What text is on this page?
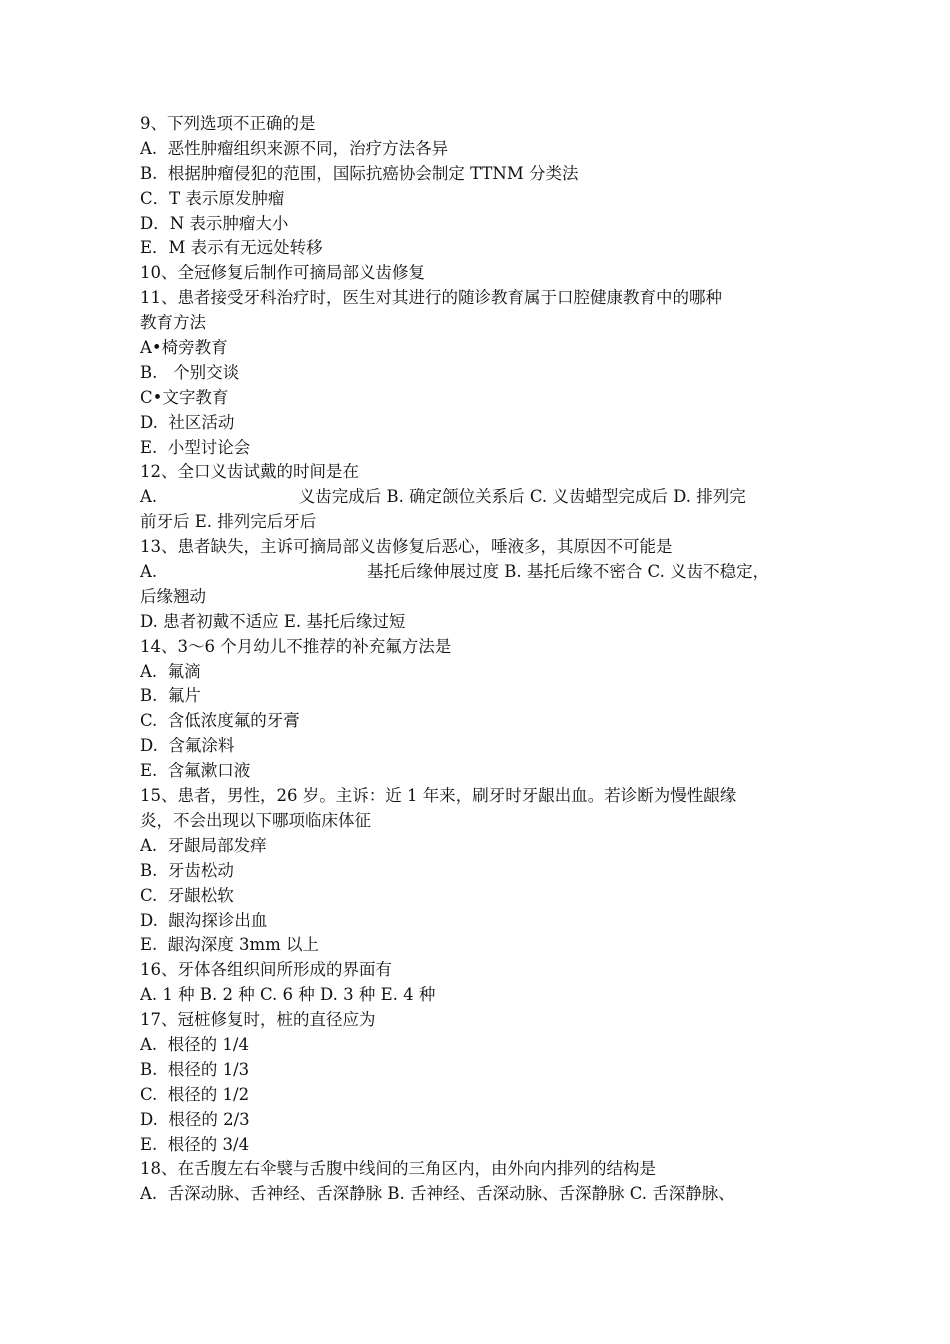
9、下列选项不正确的是
A.  恶性肿瘤组织来源不同，治疗方法各异
B.  根据肿瘤侵犯的范围，国际抗癌协会制定 TTNM 分类法
C．T 表示原发肿瘤
D．N 表示肿瘤大小
E．M 表示有无远处转移
10、全冠修复后制作可摘局部义齿修复
11、患者接受牙科治疗时，医生对其进行的随诊教育属于口腔健康教育中的哪种
教育方法
A•椅旁教育
B.   个别交谈
C•文字教育
D.  社区活动
E.  小型讨论会
12、全口义齿试戴的时间是在
A.                           义齿完成后 B. 确定颌位关系后 C. 义齿蜡型完成后 D. 排列完
前牙后 E. 排列完后牙后
13、患者缺失，主诉可摘局部义齿修复后恶心，唾液多，其原因不可能是
A.                                        基托后缘伸展过度 B. 基托后缘不密合 C. 义齿不稳定，
后缘翘动
D. 患者初戴不适应 E. 基托后缘过短
14、3〜6 个月幼儿不推荐的补充氟方法是
A.  氟滴
B.  氟片
C.  含低浓度氟的牙膏
D.  含氟涂料
E.  含氟漱口液
15、患者，男性，26 岁。主诉：近 1 年来，刷牙时牙龈出血。若诊断为慢性龈缘
炎，不会出现以下哪项临床体征
A.  牙龈局部发痒
B.  牙齿松动
C.  牙龈松软
D.  龈沟探诊出血
E.  龈沟深度 3mm 以上
16、牙体各组织间所形成的界面有
A. 1 种 B. 2 种 C. 6 种 D. 3 种 E. 4 种
17、冠桩修复时，桩的直径应为
A.  根径的 1/4
B.  根径的 1/3
C.  根径的 1/2
D.  根径的 2/3
E.  根径的 3/4
18、在舌腹左右伞襞与舌腹中线间的三角区内，由外向内排列的结构是
A.  舌深动脉、舌神经、舌深静脉 B. 舌神经、舌深动脉、舌深静脉 C. 舌深静脉、
